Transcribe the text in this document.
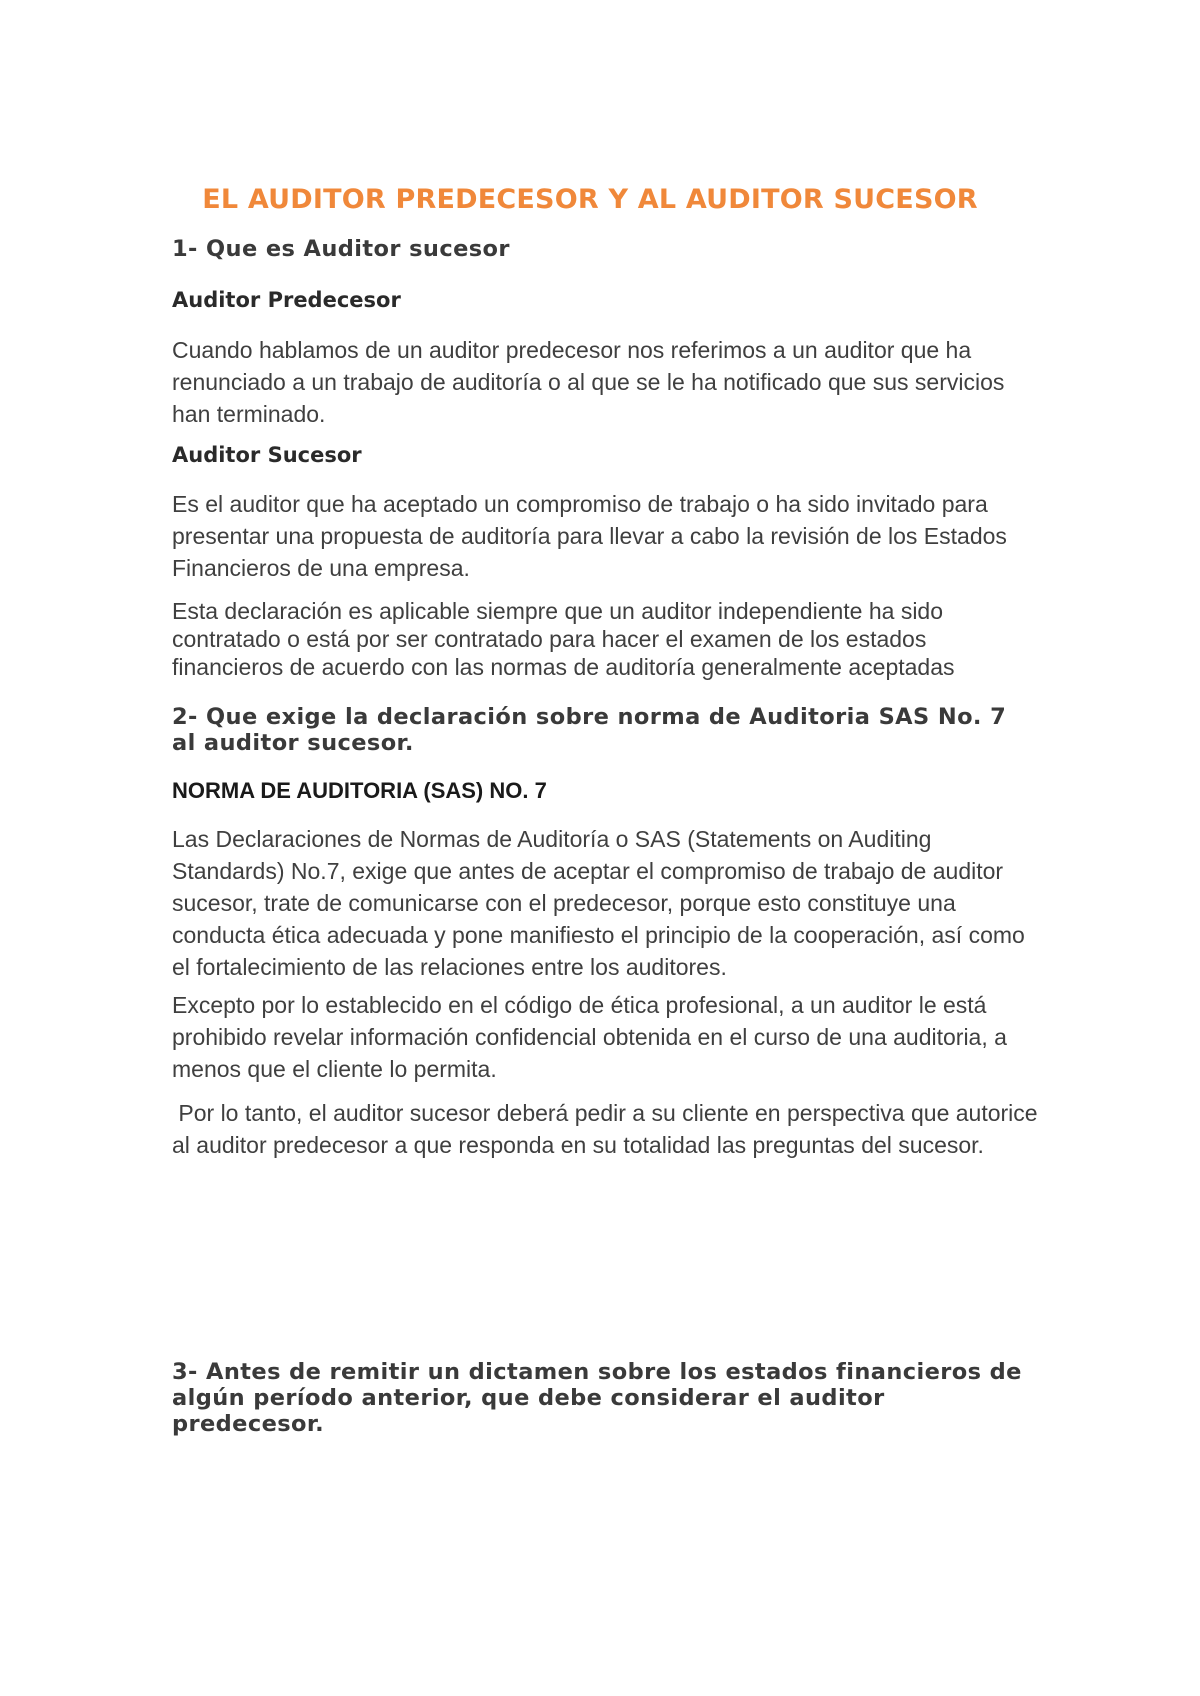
EL AUDITOR PREDECESOR Y AL AUDITOR SUCESOR
1- Que es Auditor sucesor
Auditor Predecesor

Cuando hablamos de un auditor predecesor nos referimos a un auditor que ha renunciado a un trabajo de auditoría o al que se le ha notificado que sus servicios han terminado.

Auditor Sucesor

Es el auditor que ha aceptado un compromiso de trabajo o ha sido invitado para presentar una propuesta de auditoría para llevar a cabo la revisión de los Estados Financieros de una empresa.

Esta declaración es aplicable siempre que un auditor independiente ha sido contratado o está por ser contratado para hacer el examen de los estados financieros de acuerdo con las normas de auditoría generalmente aceptadas

2- Que exige la declaración sobre norma de Auditoria SAS No. 7 al auditor sucesor.
NORMA DE AUDITORIA (SAS) NO. 7

Las Declaraciones de Normas de Auditoría o SAS (Statements on Auditing Standards) No.7, exige que antes de aceptar el compromiso de trabajo de auditor sucesor, trate de comunicarse con el predecesor, porque esto constituye una conducta ética adecuada y pone manifiesto el principio de la cooperación, así como el fortalecimiento de las relaciones entre los auditores.

Excepto por lo establecido en el código de ética profesional, a un auditor le está prohibido revelar información confidencial obtenida en el curso de una auditoria, a menos que el cliente lo permita.

Por lo tanto, el auditor sucesor deberá pedir a su cliente en perspectiva que autorice al auditor predecesor a que responda en su totalidad las preguntas del sucesor.

3- Antes de remitir un dictamen sobre los estados financieros de algún período anterior, que debe considerar el auditor predecesor.
